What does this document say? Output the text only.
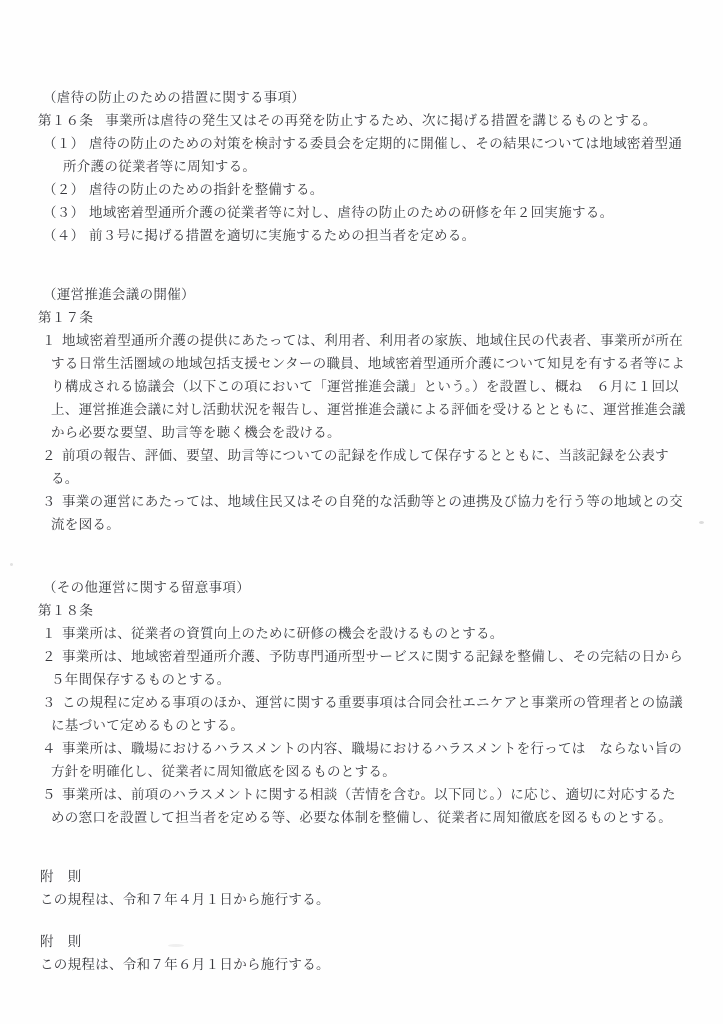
（虐待の防止のための措置に関する事項）

第１６条 事業所は虐待の発生又はその再発を防止するため、次に掲げる措置を講じるものとする。

（１） 虐待の防止のための対策を検討する委員会を定期的に開催し、その結果については地域密着型通所介護の従業者等に周知する。

（２） 虐待の防止のための指針を整備する。

（３） 地域密着型通所介護の従業者等に対し、虐待の防止のための研修を年２回実施する。

（４） 前３号に掲げる措置を適切に実施するための担当者を定める。

（運営推進会議の開催）

第１７条

１ 地域密着型通所介護の提供にあたっては、利用者、利用者の家族、地域住民の代表者、事業所が所在する日常生活圏域の地域包括支援センターの職員、地域密着型通所介護について知見を有する者等により構成される協議会（以下この項において「運営推進会議」という。）を設置し、概ね　６月に１回以上、運営推進会議に対し活動状況を報告し、運営推進会議による評価を受けるとともに、運営推進会議から必要な要望、助言等を聴く機会を設ける。

２ 前項の報告、評価、要望、助言等についての記録を作成して保存するとともに、当該記録を公表する。

３ 事業の運営にあたっては、地域住民又はその自発的な活動等との連携及び協力を行う等の地域との交流を図る。

（その他運営に関する留意事項）

第１８条

１ 事業所は、従業者の資質向上のために研修の機会を設けるものとする。

２ 事業所は、地域密着型通所介護、予防専門通所型サービスに関する記録を整備し、その完結の日から５年間保存するものとする。

３ この規程に定める事項のほか、運営に関する重要事項は合同会社エニケアと事業所の管理者との協議に基づいて定めるものとする。

４ 事業所は、職場におけるハラスメントの内容、職場におけるハラスメントを行っては　ならない旨の方針を明確化し、従業者に周知徹底を図るものとする。

５ 事業所は、前項のハラスメントに関する相談（苦情を含む。以下同じ。）に応じ、適切に対応するための窓口を設置して担当者を定める等、必要な体制を整備し、従業者に周知徹底を図るものとする。

附　則

この規程は、令和７年４月１日から施行する。

附　則

この規程は、令和７年６月１日から施行する。
